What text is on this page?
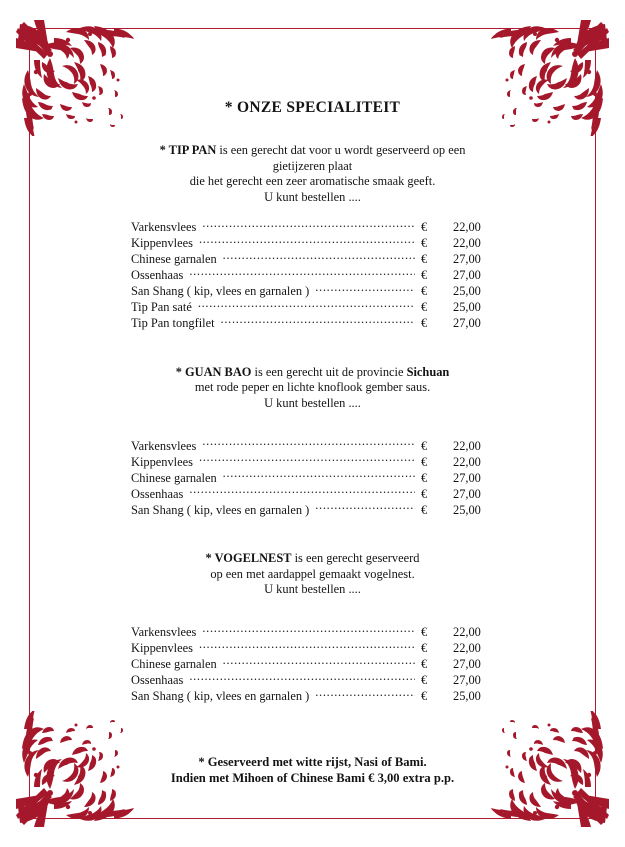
* ONZE SPECIALITEIT
* TIP PAN is een gerecht dat voor u wordt geserveerd op een
gietijzeren plaat
die het gerecht een zeer aromatische smaak geeft.
U kunt bestellen ....
Varkensvlees .....	€	22,00
Kippenvlees .....	€	22,00
Chinese garnalen .....	€	27,00
Ossenhaas .....	€	27,00
San Shang ( kip, vlees en garnalen ) .....	€	25,00
Tip Pan saté .....	€	25,00
Tip Pan tongfilet .....	€	27,00
* GUAN BAO is een gerecht uit de provincie Sichuan
met rode peper en lichte knoflook gember saus.
U kunt bestellen ....
Varkensvlees .....	€	22,00
Kippenvlees .....	€	22,00
Chinese garnalen .....	€	27,00
Ossenhaas .....	€	27,00
San Shang ( kip, vlees en garnalen ) .....	€	25,00
* VOGELNEST is een gerecht geserveerd
op een met aardappel gemaakt vogelnest.
U kunt bestellen ....
Varkensvlees .....	€	22,00
Kippenvlees .....	€	22,00
Chinese garnalen .....	€	27,00
Ossenhaas .....	€	27,00
San Shang ( kip, vlees en garnalen ) .....	€	25,00
* Geserveerd met witte rijst, Nasi of Bami.
Indien met Mihoen of Chinese Bami € 3,00 extra p.p.
